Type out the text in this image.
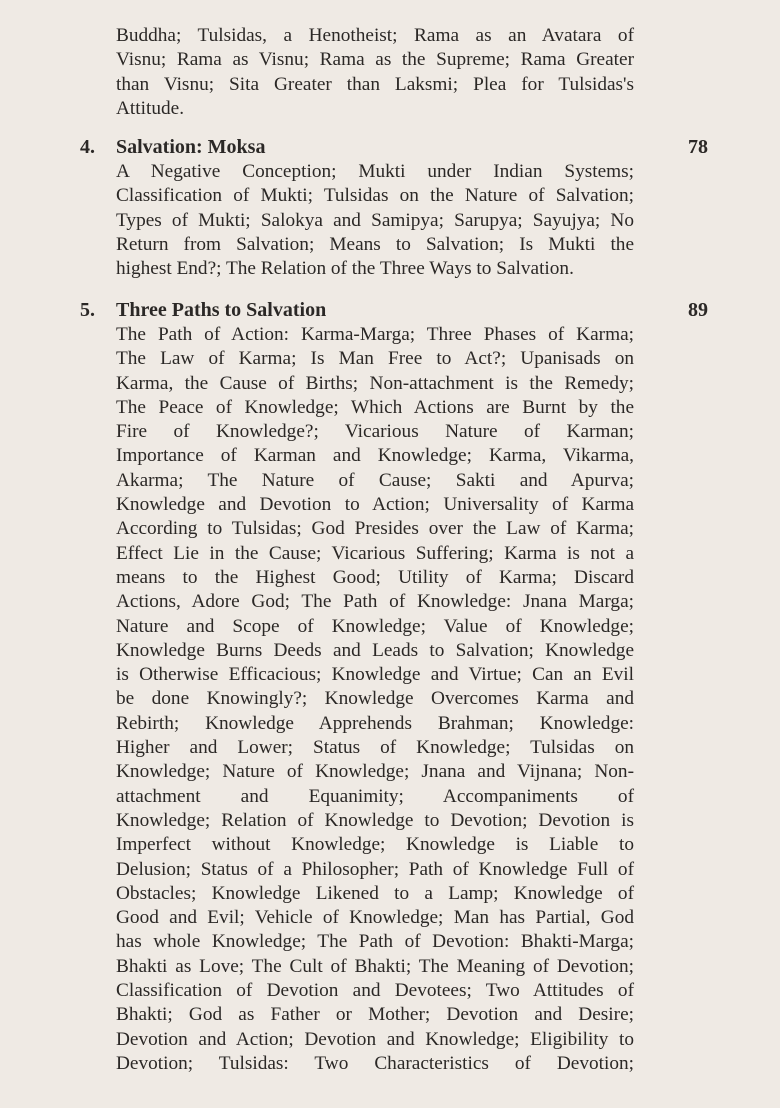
Buddha; Tulsidas, a Henotheist; Rama as an Avatara of
Visnu; Rama as Visnu; Rama as the Supreme; Rama Greater
than Visnu; Sita Greater than Laksmi; Plea for Tulsidas's
Attitude.
4. Salvation: Moksa	78
A Negative Conception; Mukti under Indian Systems;
Classification of Mukti; Tulsidas on the Nature of Salvation;
Types of Mukti; Salokya and Samipya; Sarupya; Sayujya; No
Return from Salvation; Means to Salvation; Is Mukti the
highest End?; The Relation of the Three Ways to Salvation.
5. Three Paths to Salvation	89
The Path of Action: Karma-Marga; Three Phases of Karma;
The Law of Karma; Is Man Free to Act?; Upanisads on
Karma, the Cause of Births; Non-attachment is the Remedy;
The Peace of Knowledge; Which Actions are Burnt by the
Fire of Knowledge?; Vicarious Nature of Karman;
Importance of Karman and Knowledge; Karma, Vikarma,
Akarma; The Nature of Cause; Sakti and Apurva;
Knowledge and Devotion to Action; Universality of Karma
According to Tulsidas; God Presides over the Law of Karma;
Effect Lie in the Cause; Vicarious Suffering; Karma is not a
means to the Highest Good; Utility of Karma; Discard
Actions, Adore God; The Path of Knowledge: Jnana Marga;
Nature and Scope of Knowledge; Value of Knowledge;
Knowledge Burns Deeds and Leads to Salvation; Knowledge
is Otherwise Efficacious; Knowledge and Virtue; Can an Evil
be done Knowingly?; Knowledge Overcomes Karma and
Rebirth; Knowledge Apprehends Brahman; Knowledge:
Higher and Lower; Status of Knowledge; Tulsidas on
Knowledge; Nature of Knowledge; Jnana and Vijnana; Non-
attachment and Equanimity; Accompaniments of
Knowledge; Relation of Knowledge to Devotion; Devotion is
Imperfect without Knowledge; Knowledge is Liable to
Delusion; Status of a Philosopher; Path of Knowledge Full of
Obstacles; Knowledge Likened to a Lamp; Knowledge of
Good and Evil; Vehicle of Knowledge; Man has Partial, God
has whole Knowledge; The Path of Devotion: Bhakti-Marga;
Bhakti as Love; The Cult of Bhakti; The Meaning of Devotion;
Classification of Devotion and Devotees; Two Attitudes of
Bhakti; God as Father or Mother; Devotion and Desire;
Devotion and Action; Devotion and Knowledge; Eligibility to
Devotion; Tulsidas: Two Characteristics of Devotion;
